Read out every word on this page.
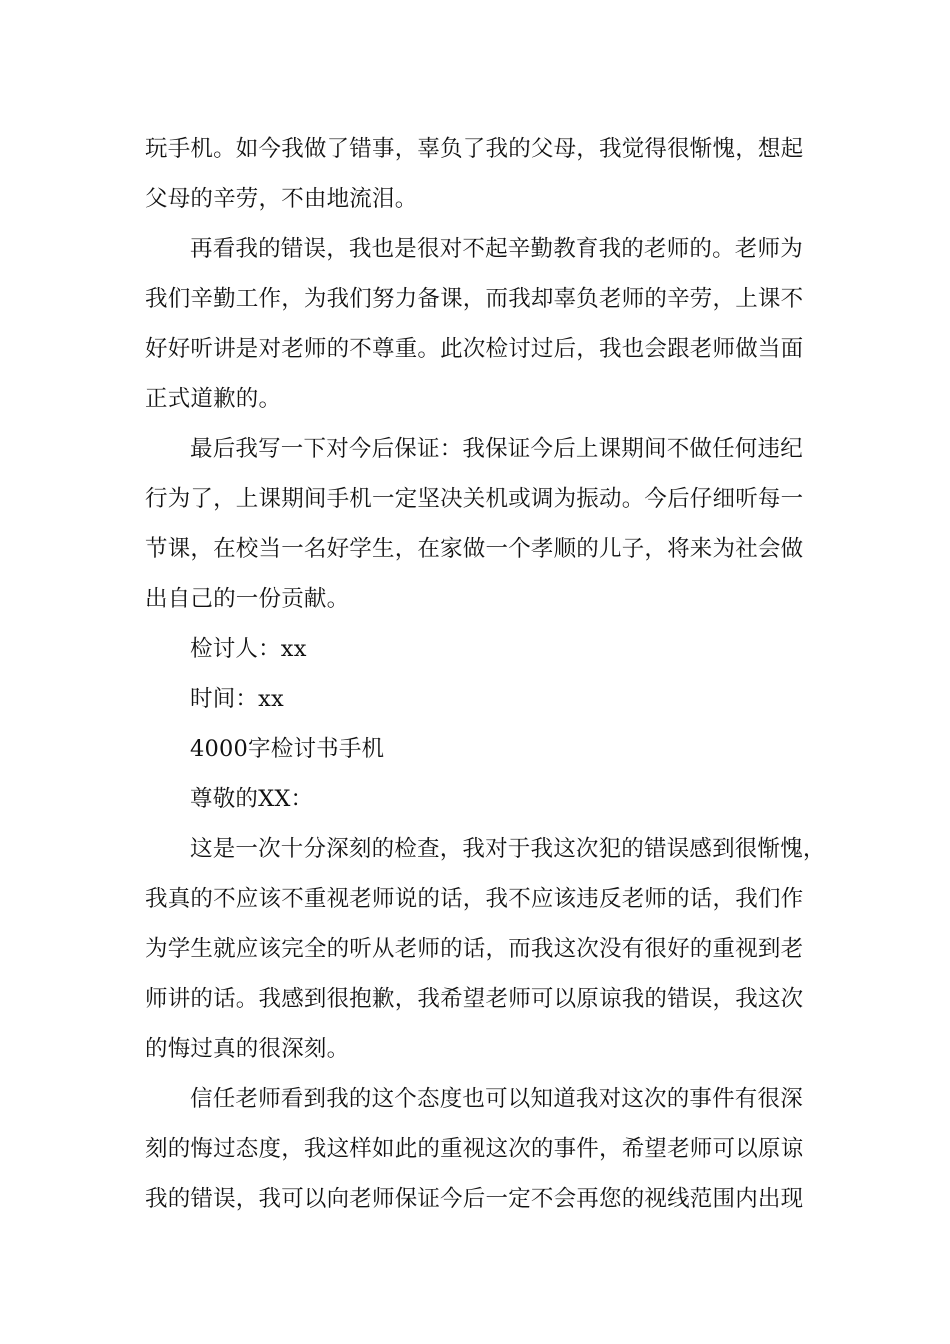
玩手机。如今我做了错事，辜负了我的父母，我觉得很惭愧，想起
父母的辛劳，不由地流泪。
再看我的错误，我也是很对不起辛勤教育我的老师的。老师为
我们辛勤工作，为我们努力备课，而我却辜负老师的辛劳，上课不
好好听讲是对老师的不尊重。此次检讨过后，我也会跟老师做当面
正式道歉的。
最后我写一下对今后保证：我保证今后上课期间不做任何违纪
行为了，上课期间手机一定坚决关机或调为振动。今后仔细听每一
节课，在校当一名好学生，在家做一个孝顺的儿子，将来为社会做
出自己的一份贡献。
检讨人：xx
时间：xx
4000字检讨书手机
尊敬的XX：
这是一次十分深刻的检查，我对于我这次犯的错误感到很惭愧，
我真的不应该不重视老师说的话，我不应该违反老师的话，我们作
为学生就应该完全的听从老师的话，而我这次没有很好的重视到老
师讲的话。我感到很抱歉，我希望老师可以原谅我的错误，我这次
的悔过真的很深刻。
信任老师看到我的这个态度也可以知道我对这次的事件有很深
刻的悔过态度，我这样如此的重视这次的事件，希望老师可以原谅
我的错误，我可以向老师保证今后一定不会再您的视线范围内出现
